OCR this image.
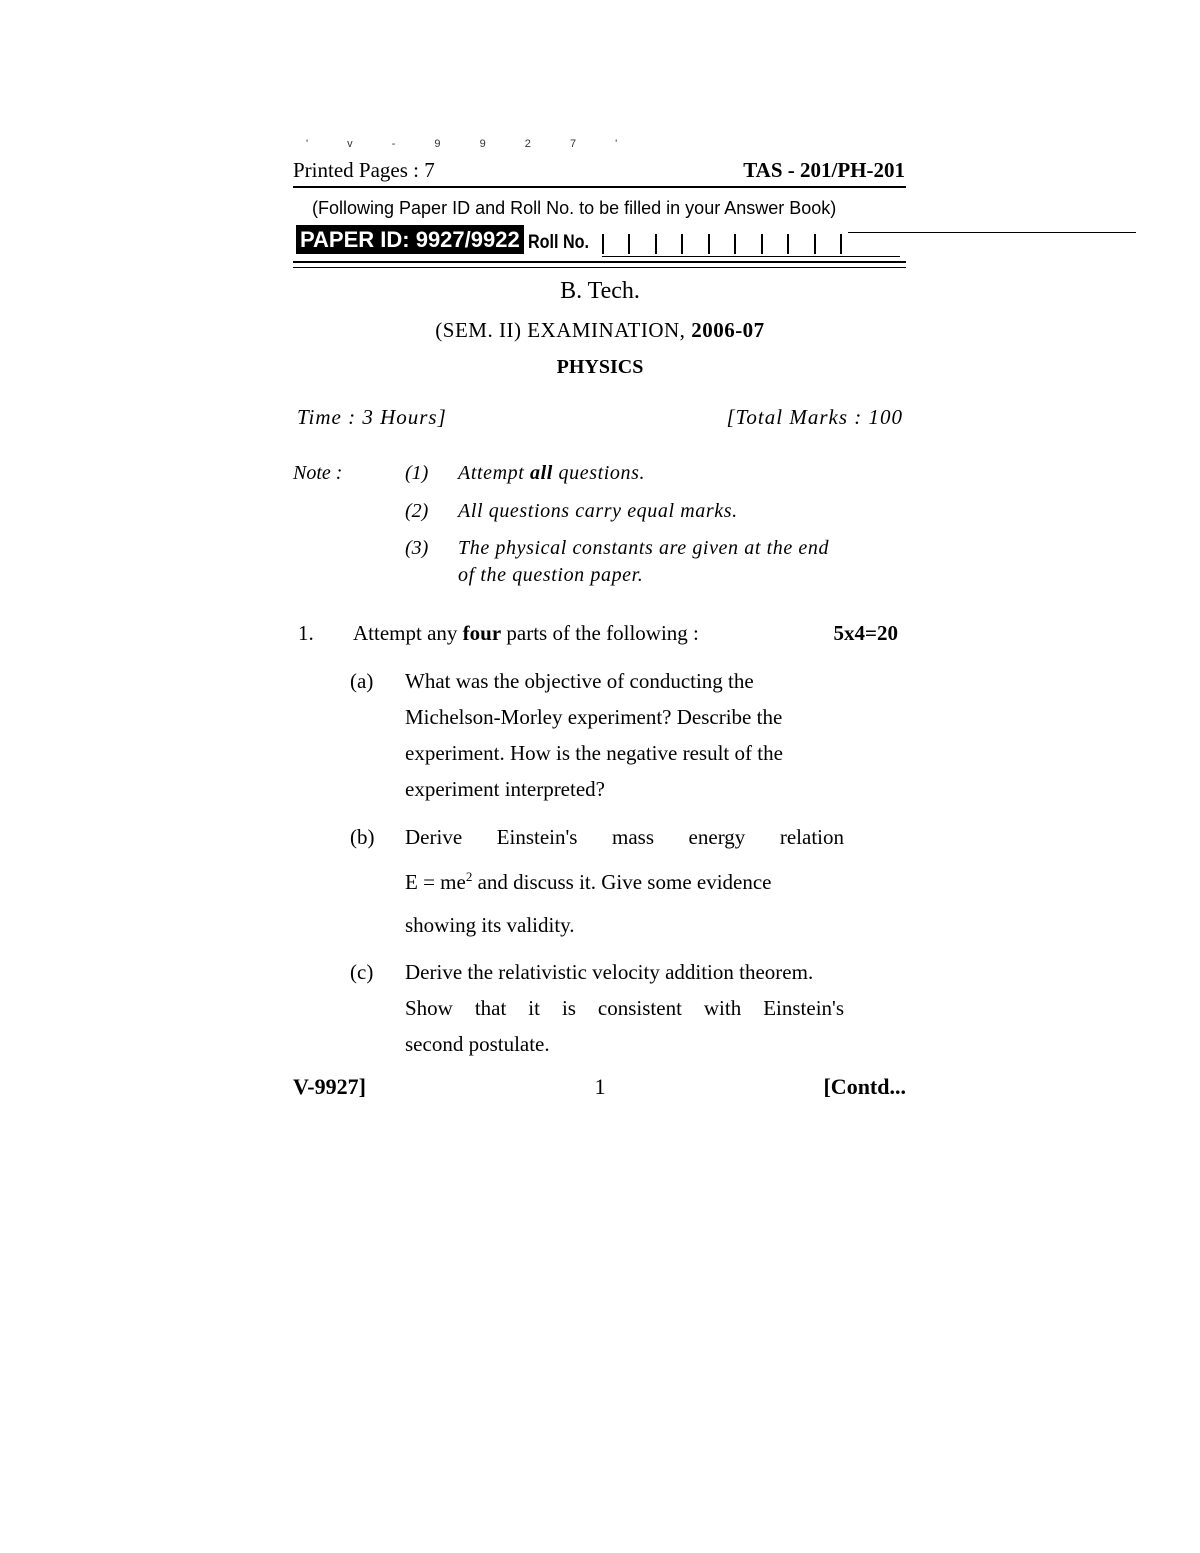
' v - 9 9 2 7 '
Printed Pages : 7	TAS - 201/PH-201
(Following Paper ID and Roll No. to be filled in your Answer Book)
PAPER ID: 9927/9922 Roll No.
B. Tech.
(SEM. II) EXAMINATION, 2006-07
PHYSICS
Time : 3 Hours]	[Total Marks : 100
Note :	(1) Attempt all questions.
(2) All questions carry equal marks.
(3) The physical constants are given at the end
of the question paper.
1. Attempt any four parts of the following :	5x4=20
(a) What was the objective of conducting the
Michelson-Morley experiment? Describe the
experiment. How is the negative result of the
experiment interpreted?
(b) Derive Einstein's mass energy relation
$E = me^2$ and discuss it. Give some evidence
showing its validity.
(c) Derive the relativistic velocity addition theorem.
Show that it is consistent with Einstein's
second postulate.
V-9927]	1	[Contd...
